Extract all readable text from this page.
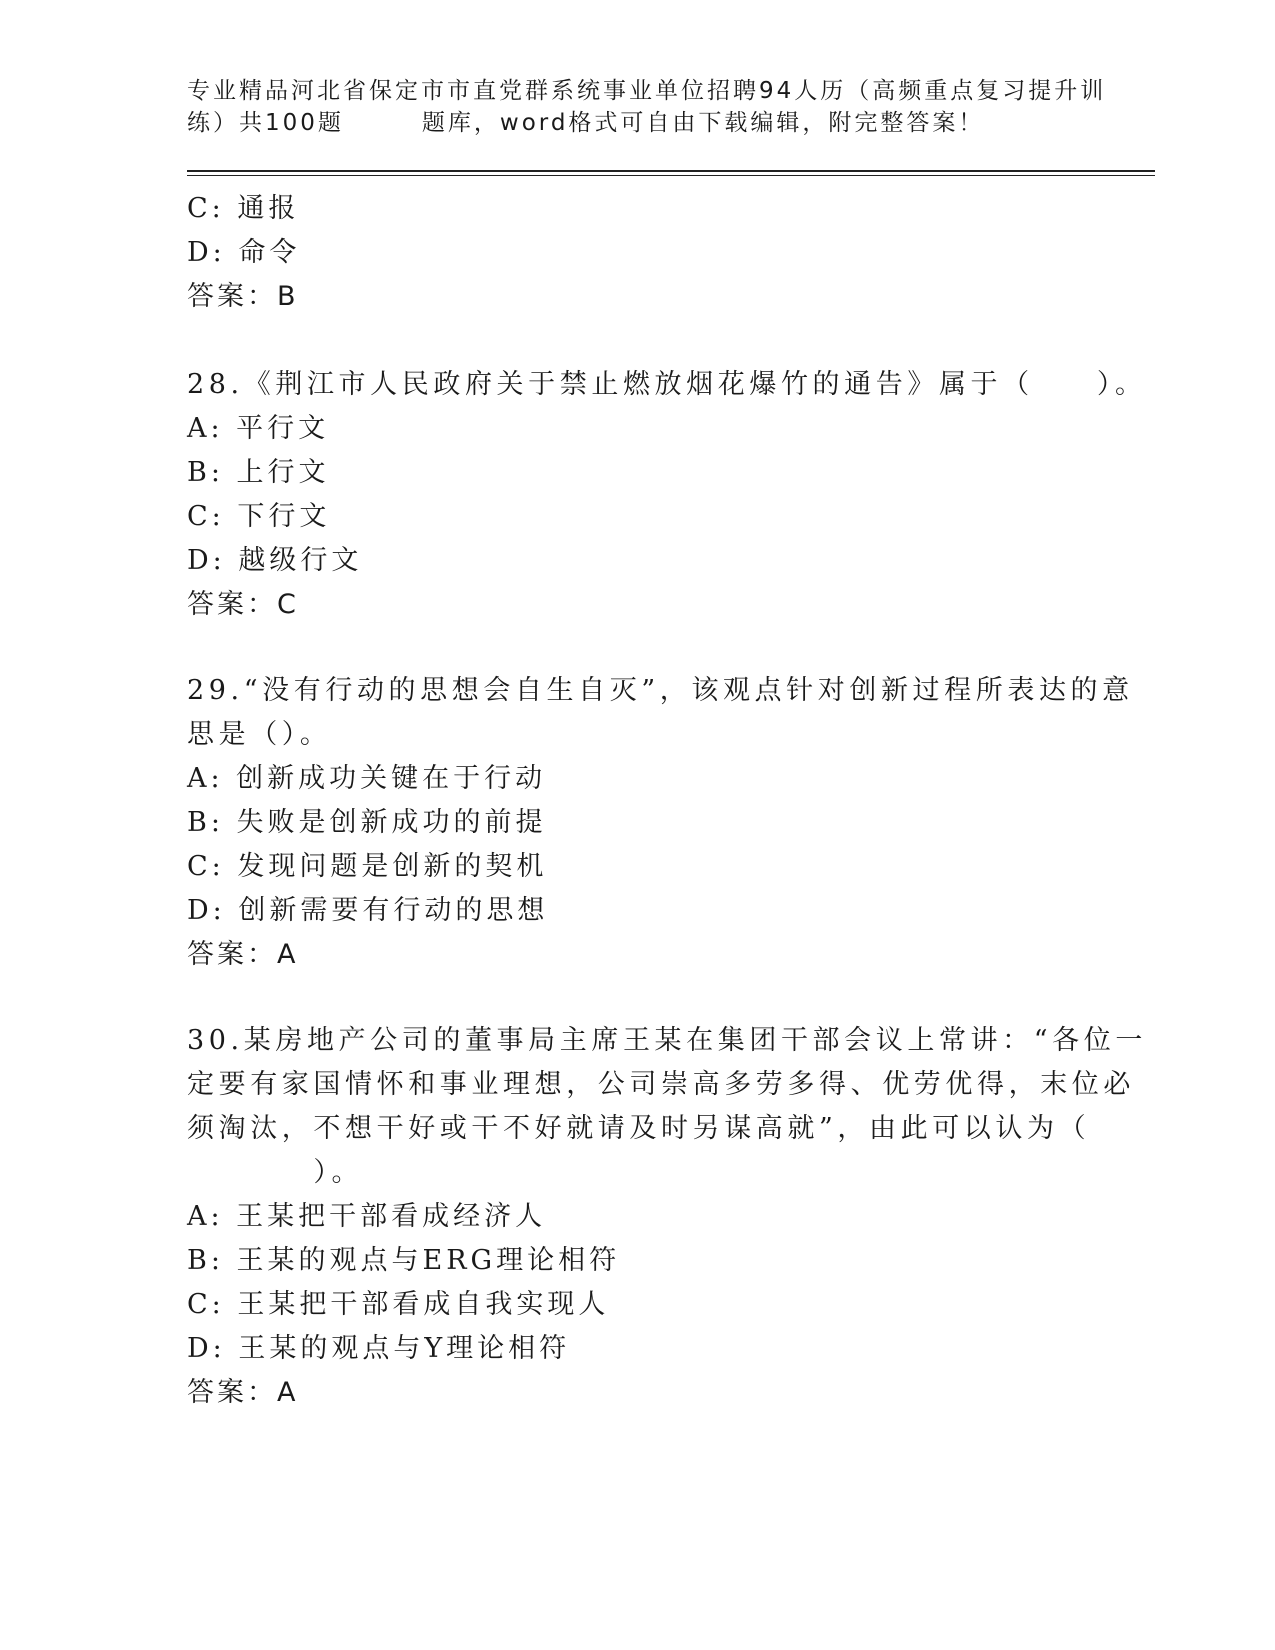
专业精品河北省保定市市直党群系统事业单位招聘94人历（高频重点复习提升训
练）共100题　　　题库，word格式可自由下载编辑，附完整答案！
C: 通报
D: 命令
答案：B
28.《荆江市人民政府关于禁止燃放烟花爆竹的通告》属于（　　）。
A: 平行文
B: 上行文
C: 下行文
D: 越级行文
答案：C
29.“没有行动的思想会自生自灭”，该观点针对创新过程所表达的意
思是（）。
A: 创新成功关键在于行动
B: 失败是创新成功的前提
C: 发现问题是创新的契机
D: 创新需要有行动的思想
答案：A
30.某房地产公司的董事局主席王某在集团干部会议上常讲：“各位一
定要有家国情怀和事业理想，公司崇高多劳多得、优劳优得，末位必
须淘汰，不想干好或干不好就请及时另谋高就”，由此可以认为（
　　　　）。
A: 王某把干部看成经济人
B: 王某的观点与ERG理论相符
C: 王某把干部看成自我实现人
D: 王某的观点与Y理论相符
答案：A
